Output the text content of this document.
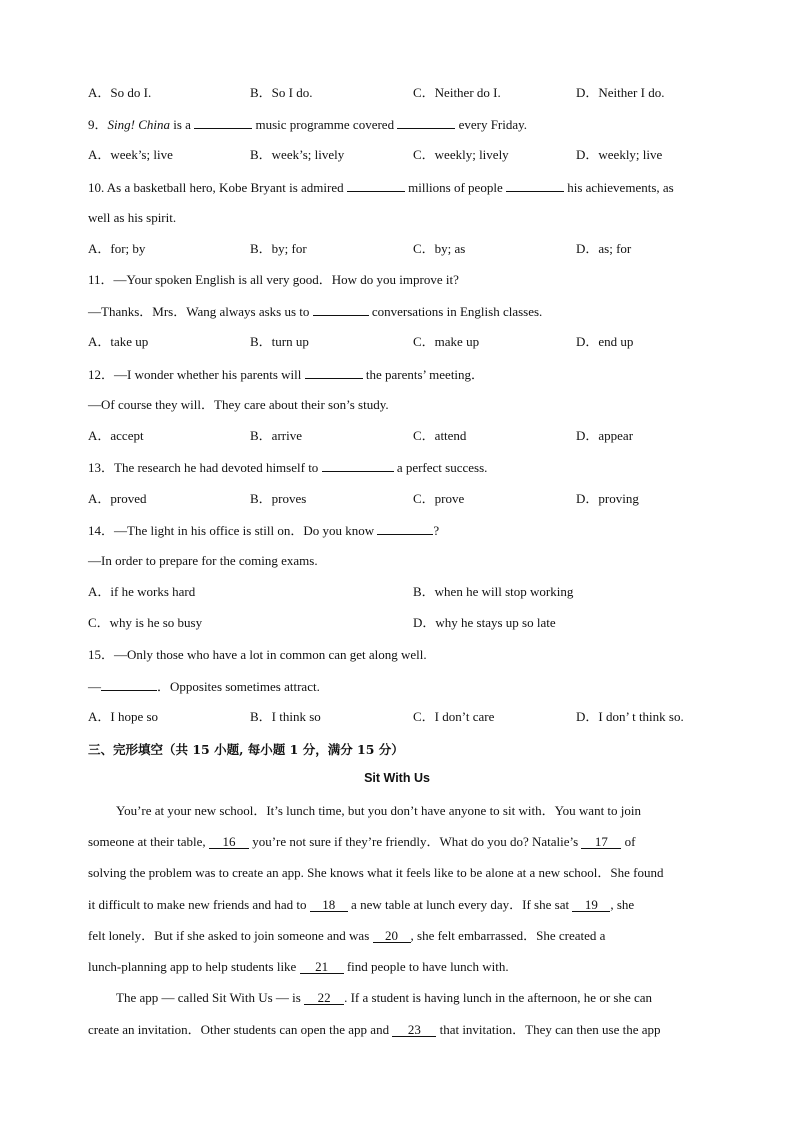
A．So do I.	B．So I do.	C．Neither do I.	D．Neither I do.
9．Sing! China is a	music programme covered	every Friday.
A．week’s; live	B．week’s; lively	C．weekly; lively	D．weekly; live
10. As a basketball hero, Kobe Bryant is admired	millions of people	his achievements, as
well as his spirit.
A．for; by	B．by; for	C．by; as	D．as; for
11．—Your spoken English is all very good．How do you improve it?
—Thanks．Mrs．Wang always asks us to	conversations in English classes.
A．take up	B．turn up	C．make up	D．end up
12．—I wonder whether his parents will	the parents’ meeting．
—Of course they will．They care about their son’s study.
A．accept	B．arrive	C．attend	D．appear
13．The research he had devoted himself to	a perfect success.
A．proved	B．proves	C．prove	D．proving
14．—The light in his office is still on．Do you know	?
—In order to prepare for the coming exams.
A．if he works hard	B．when he will stop working
C．why is he so busy	D．why he stays up so late
15．—Only those who have a lot in common can get along well.
—	．Opposites sometimes attract.
A．I hope so	B．I think so	C．I don’t care	D．I don’ t think so.
三、完形填空（共 15 小题, 每小题 1 分，满分 15 分）
Sit With Us
You’re at your new school．It’s lunch time, but you don’t have anyone to sit with．You want to join
someone at their table, 16 you’re not sure if they’re friendly．What do you do? Natalie’s 17 of
solving the problem was to create an app. She knows what it feels like to be alone at a new school．She found
it difficult to make new friends and had to 18 a new table at lunch every day．If she sat 19 , she
felt lonely．But if she asked to join someone and was 20 , she felt embarrassed．She created a
lunch-planning app to help students like 21 find people to have lunch with.
The app — called Sit With Us — is 22 . If a student is having lunch in the afternoon, he or she can
create an invitation．Other students can open the app and 23 that invitation．They can then use the app
